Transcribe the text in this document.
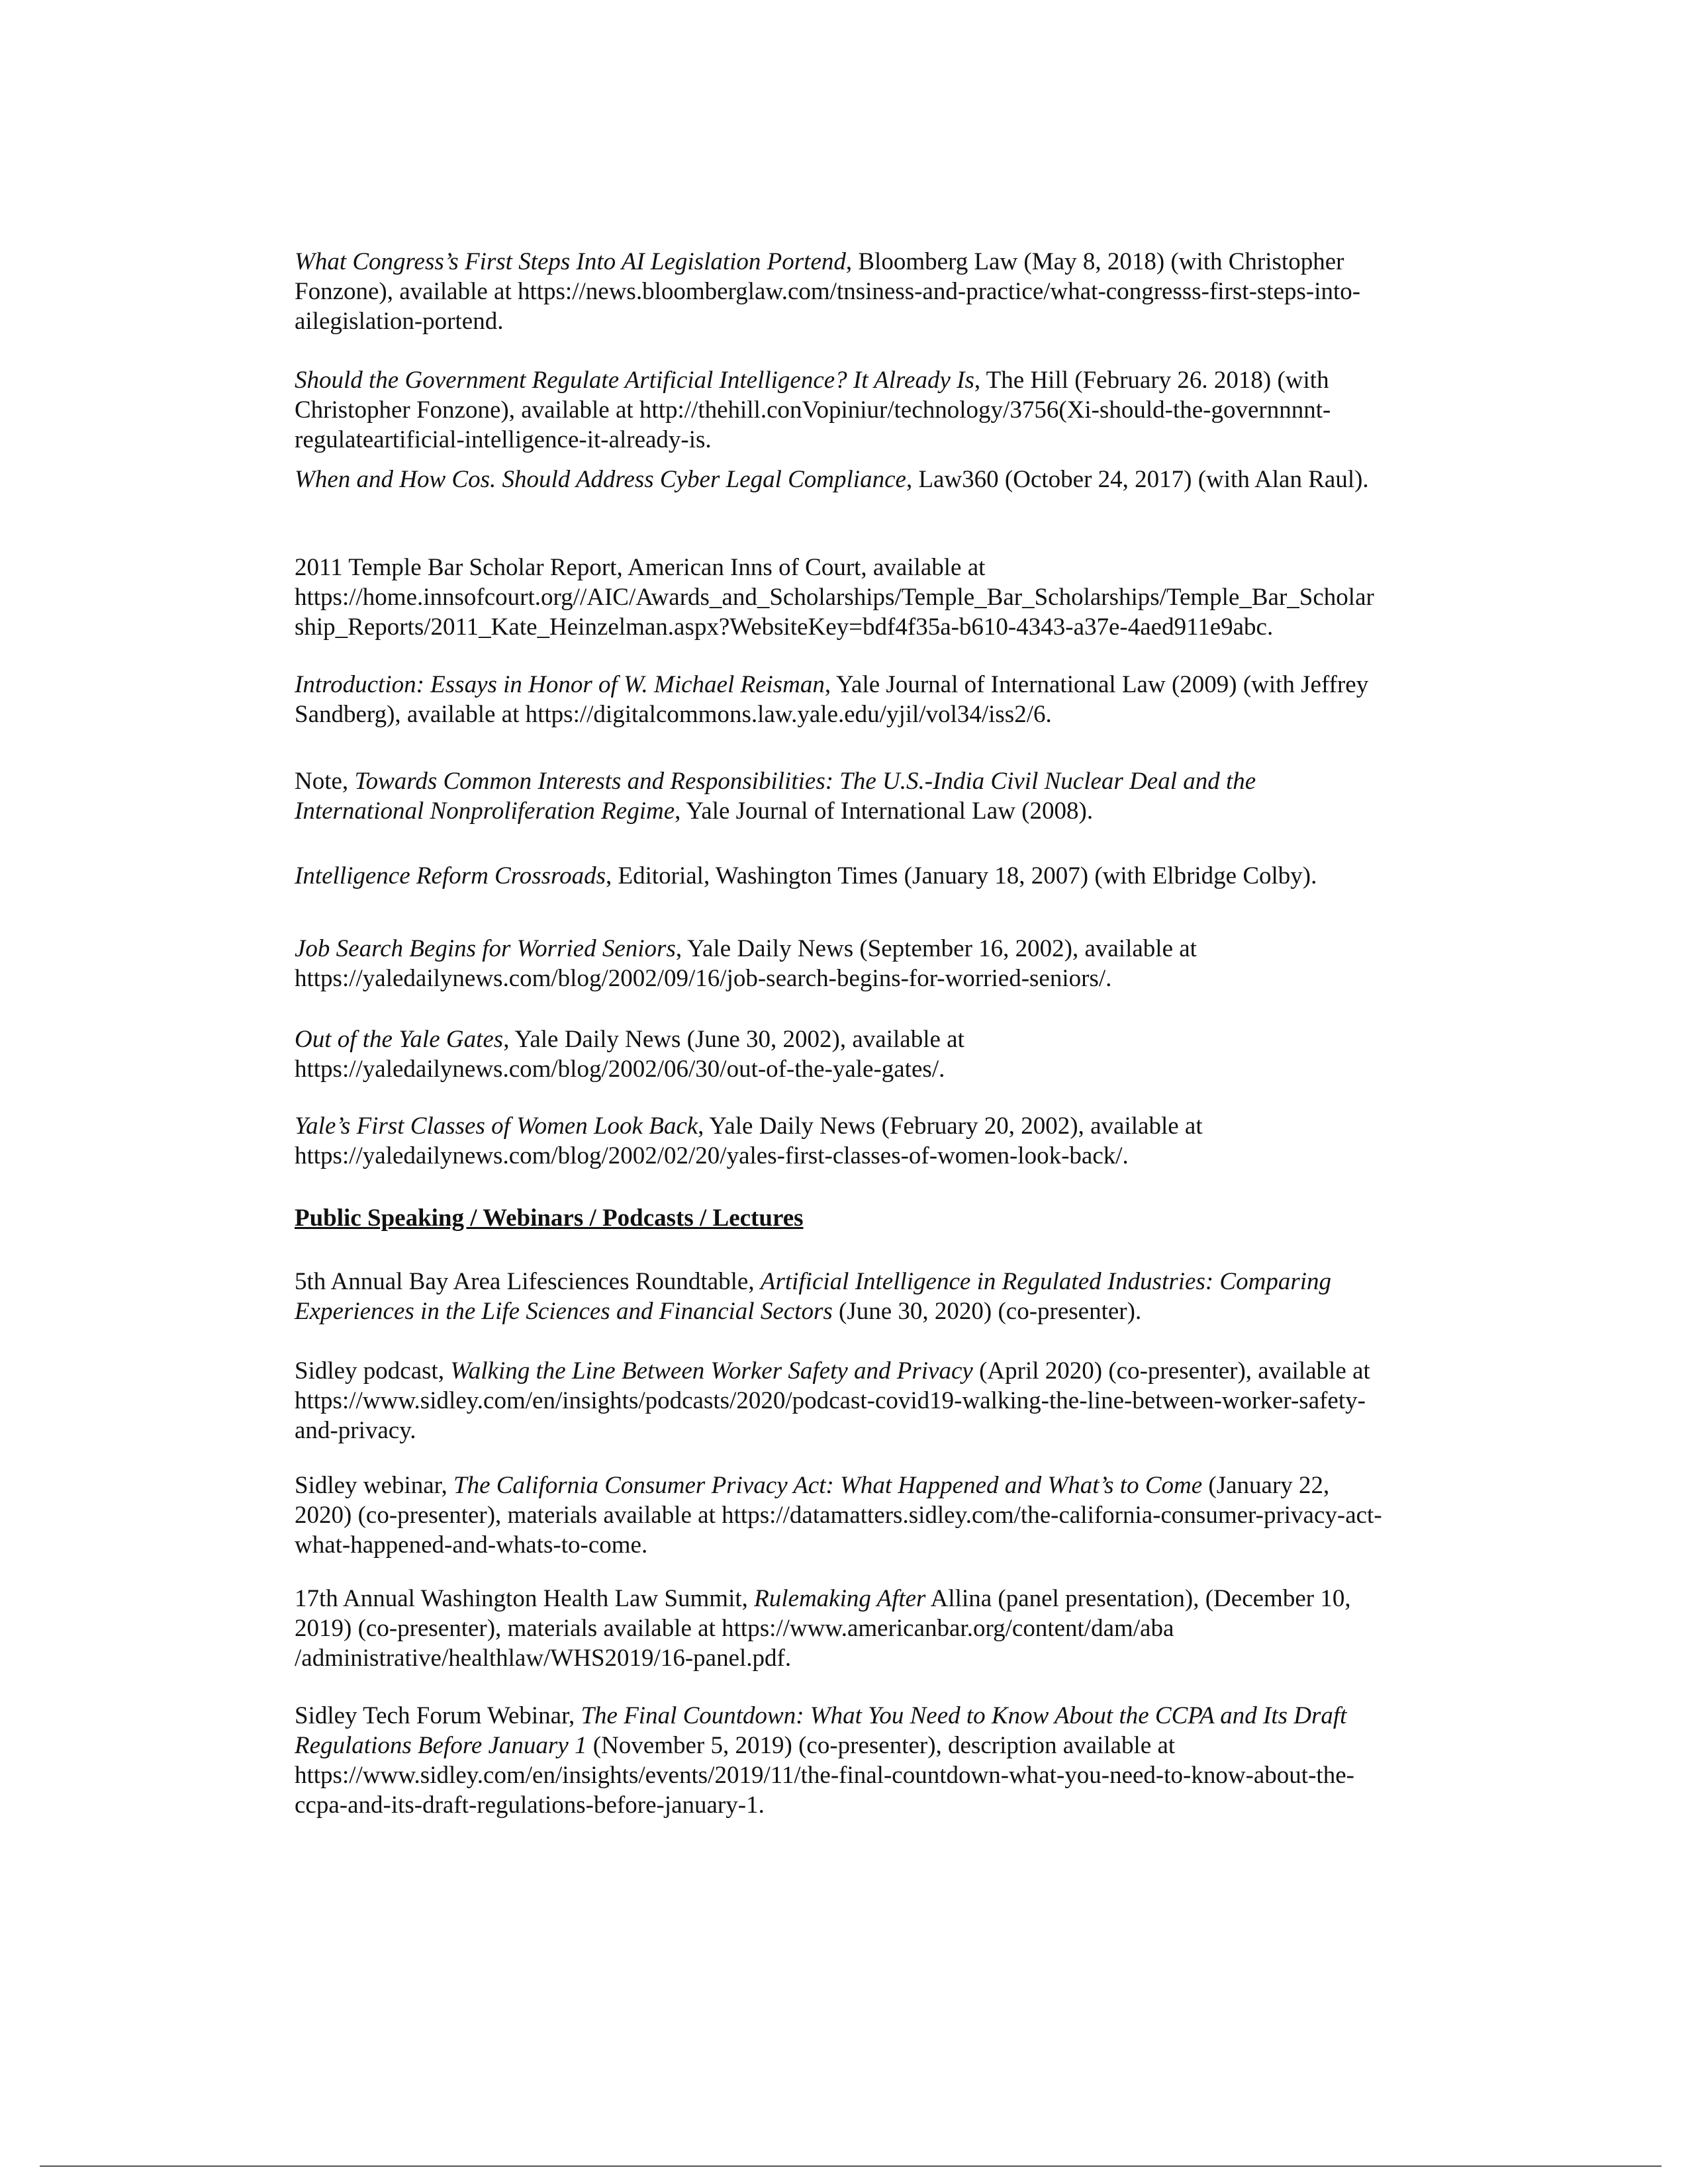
Public Speaking / Webinars / Podcasts / Lectures
What Congress’s First Steps Into AI Legislation Portend, Bloomberg Law (May 8, 2018) (with Christopher
Fonzone), available at https://news.bloomberglaw.com/tnsiness-and-practice/what-congresss-first-steps-into-
ailegislation-portend.
Should the Government Regulate Artificial Intelligence? It Already Is, The Hill (February 26. 2018) (with
Christopher Fonzone), available at http://thehill.conVopiniur/technology/3756(Xi-should-the-governnnnt-
regulateartificial-intelligence-it-already-is.
When and How Cos. Should Address Cyber Legal Compliance, Law360 (October 24, 2017) (with Alan Raul).
2011 Temple Bar Scholar Report, American Inns of Court, available at
https://home.innsofcourt.org//AIC/Awards_and_Scholarships/Temple_Bar_Scholarships/Temple_Bar_Scholar
ship_Reports/2011_Kate_Heinzelman.aspx?WebsiteKey=bdf4f35a-b610-4343-a37e-4aed911e9abc.
Introduction: Essays in Honor of W. Michael Reisman, Yale Journal of International Law (2009) (with Jeffrey
Sandberg), available at https://digitalcommons.law.yale.edu/yjil/vol34/iss2/6.
Note, Towards Common Interests and Responsibilities: The U.S.-India Civil Nuclear Deal and the
International Nonproliferation Regime, Yale Journal of International Law (2008).
Intelligence Reform Crossroads, Editorial, Washington Times (January 18, 2007) (with Elbridge Colby).
Job Search Begins for Worried Seniors, Yale Daily News (September 16, 2002), available at
https://yaledailynews.com/blog/2002/09/16/job-search-begins-for-worried-seniors/.
Out of the Yale Gates, Yale Daily News (June 30, 2002), available at
https://yaledailynews.com/blog/2002/06/30/out-of-the-yale-gates/.
Yale’s First Classes of Women Look Back, Yale Daily News (February 20, 2002), available at
https://yaledailynews.com/blog/2002/02/20/yales-first-classes-of-women-look-back/.
5th Annual Bay Area Lifesciences Roundtable, Artificial Intelligence in Regulated Industries: Comparing
Experiences in the Life Sciences and Financial Sectors (June 30, 2020) (co-presenter).
Sidley podcast, Walking the Line Between Worker Safety and Privacy (April 2020) (co-presenter), available at
https://www.sidley.com/en/insights/podcasts/2020/podcast-covid19-walking-the-line-between-worker-safety-
and-privacy.
Sidley webinar, The California Consumer Privacy Act: What Happened and What’s to Come (January 22,
2020) (co-presenter), materials available at https://datamatters.sidley.com/the-california-consumer-privacy-act-
what-happened-and-whats-to-come.
17th Annual Washington Health Law Summit, Rulemaking After Allina (panel presentation), (December 10,
2019) (co-presenter), materials available at https://www.americanbar.org/content/dam/aba
/administrative/healthlaw/WHS2019/16-panel.pdf.
Sidley Tech Forum Webinar, The Final Countdown: What You Need to Know About the CCPA and Its Draft
Regulations Before January 1 (November 5, 2019) (co-presenter), description available at
https://www.sidley.com/en/insights/events/2019/11/the-final-countdown-what-you-need-to-know-about-the-
ccpa-and-its-draft-regulations-before-january-1.
